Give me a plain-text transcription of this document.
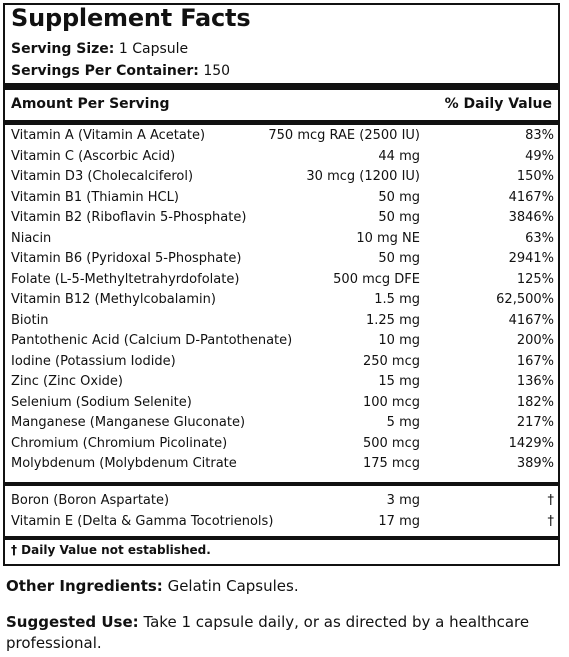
Supplement Facts
Serving Size: 1 Capsule
Servings Per Container: 150
Amount Per Serving	% Daily Value
Vitamin A (Vitamin A Acetate)	750 mcg RAE (2500 IU)	83%
Vitamin C (Ascorbic Acid)	44 mg	49%
Vitamin D3 (Cholecalciferol)	30 mcg (1200 IU)	150%
Vitamin B1 (Thiamin HCL)	50 mg	4167%
Vitamin B2 (Riboflavin 5-Phosphate)	50 mg	3846%
Niacin	10 mg NE	63%
Vitamin B6 (Pyridoxal 5-Phosphate)	50 mg	2941%
Folate (L-5-Methyltetrahyrdofolate)	500 mcg DFE	125%
Vitamin B12 (Methylcobalamin)	1.5 mg	62,500%
Biotin	1.25 mg	4167%
Pantothenic Acid (Calcium D-Pantothenate)	10 mg	200%
Iodine (Potassium Iodide)	250 mcg	167%
Zinc (Zinc Oxide)	15 mg	136%
Selenium (Sodium Selenite)	100 mcg	182%
Manganese (Manganese Gluconate)	5 mg	217%
Chromium (Chromium Picolinate)	500 mcg	1429%
Molybdenum (Molybdenum Citrate	175 mcg	389%
Boron (Boron Aspartate)	3 mg	†
Vitamin E (Delta & Gamma Tocotrienols)	17 mg	†
† Daily Value not established.
Other Ingredients: Gelatin Capsules.
Suggested Use: Take 1 capsule daily, or as directed by a healthcare professional.
